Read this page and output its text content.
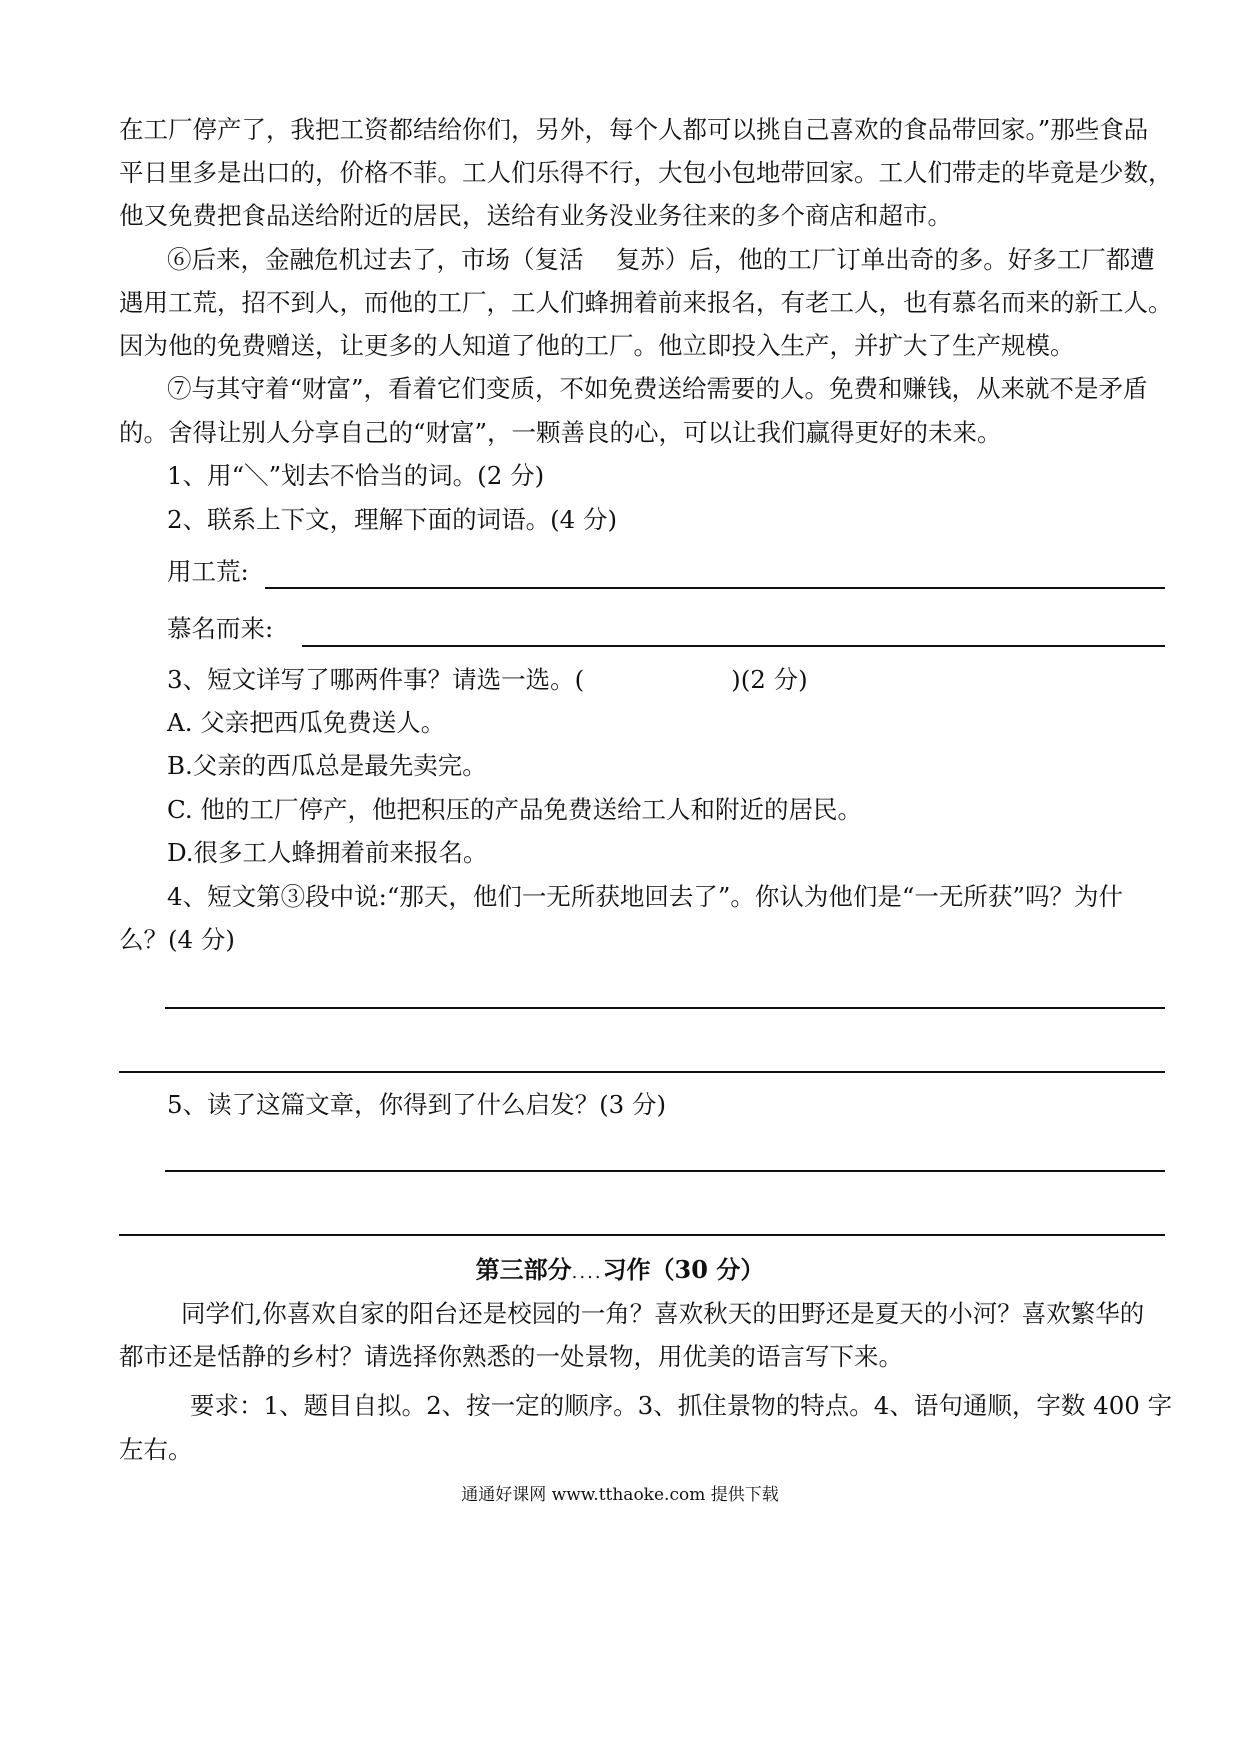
在工厂停产了，我把工资都结给你们，另外，每个人都可以挑自己喜欢的食品带回家。”那些食品
平日里多是出口的，价格不菲。工人们乐得不行，大包小包地带回家。工人们带走的毕竟是少数，
他又免费把食品送给附近的居民，送给有业务没业务往来的多个商店和超市。
⑥后来，金融危机过去了，市场（复活　 复苏）后，他的工厂订单出奇的多。好多工厂都遭
遇用工荒，招不到人，而他的工厂，工人们蜂拥着前来报名，有老工人，也有慕名而来的新工人。
因为他的免费赠送，让更多的人知道了他的工厂。他立即投入生产，并扩大了生产规模。
⑦与其守着“财富”，看着它们变质，不如免费送给需要的人。免费和赚钱，从来就不是矛盾
的。舍得让别人分享自己的“财富”，一颗善良的心，可以让我们赢得更好的未来。
1、用“＼”划去不恰当的词。(2 分)
2、联系上下文，理解下面的词语。(4 分)
用工荒:
慕名而来:
3、短文详写了哪两件事？请选一选。(　　　　　　)(2 分)
A. 父亲把西瓜免费送人。
B.父亲的西瓜总是最先卖完。
C. 他的工厂停产，他把积压的产品免费送给工人和附近的居民。
D.很多工人蜂拥着前来报名。
4、短文第③段中说:“那天，他们一无所获地回去了”。你认为他们是“一无所获”吗？为什
么？(4 分)
5、读了这篇文章，你得到了什么启发？(3 分)
第三部分....习作（30 分）
同学们,你喜欢自家的阳台还是校园的一角？喜欢秋天的田野还是夏天的小河？喜欢繁华的
都市还是恬静的乡村？请选择你熟悉的一处景物，用优美的语言写下来。
要求：1、题目自拟。2、按一定的顺序。3、抓住景物的特点。4、语句通顺，字数 400 字
左右。
通通好课网 www.tthaoke.com 提供下载
